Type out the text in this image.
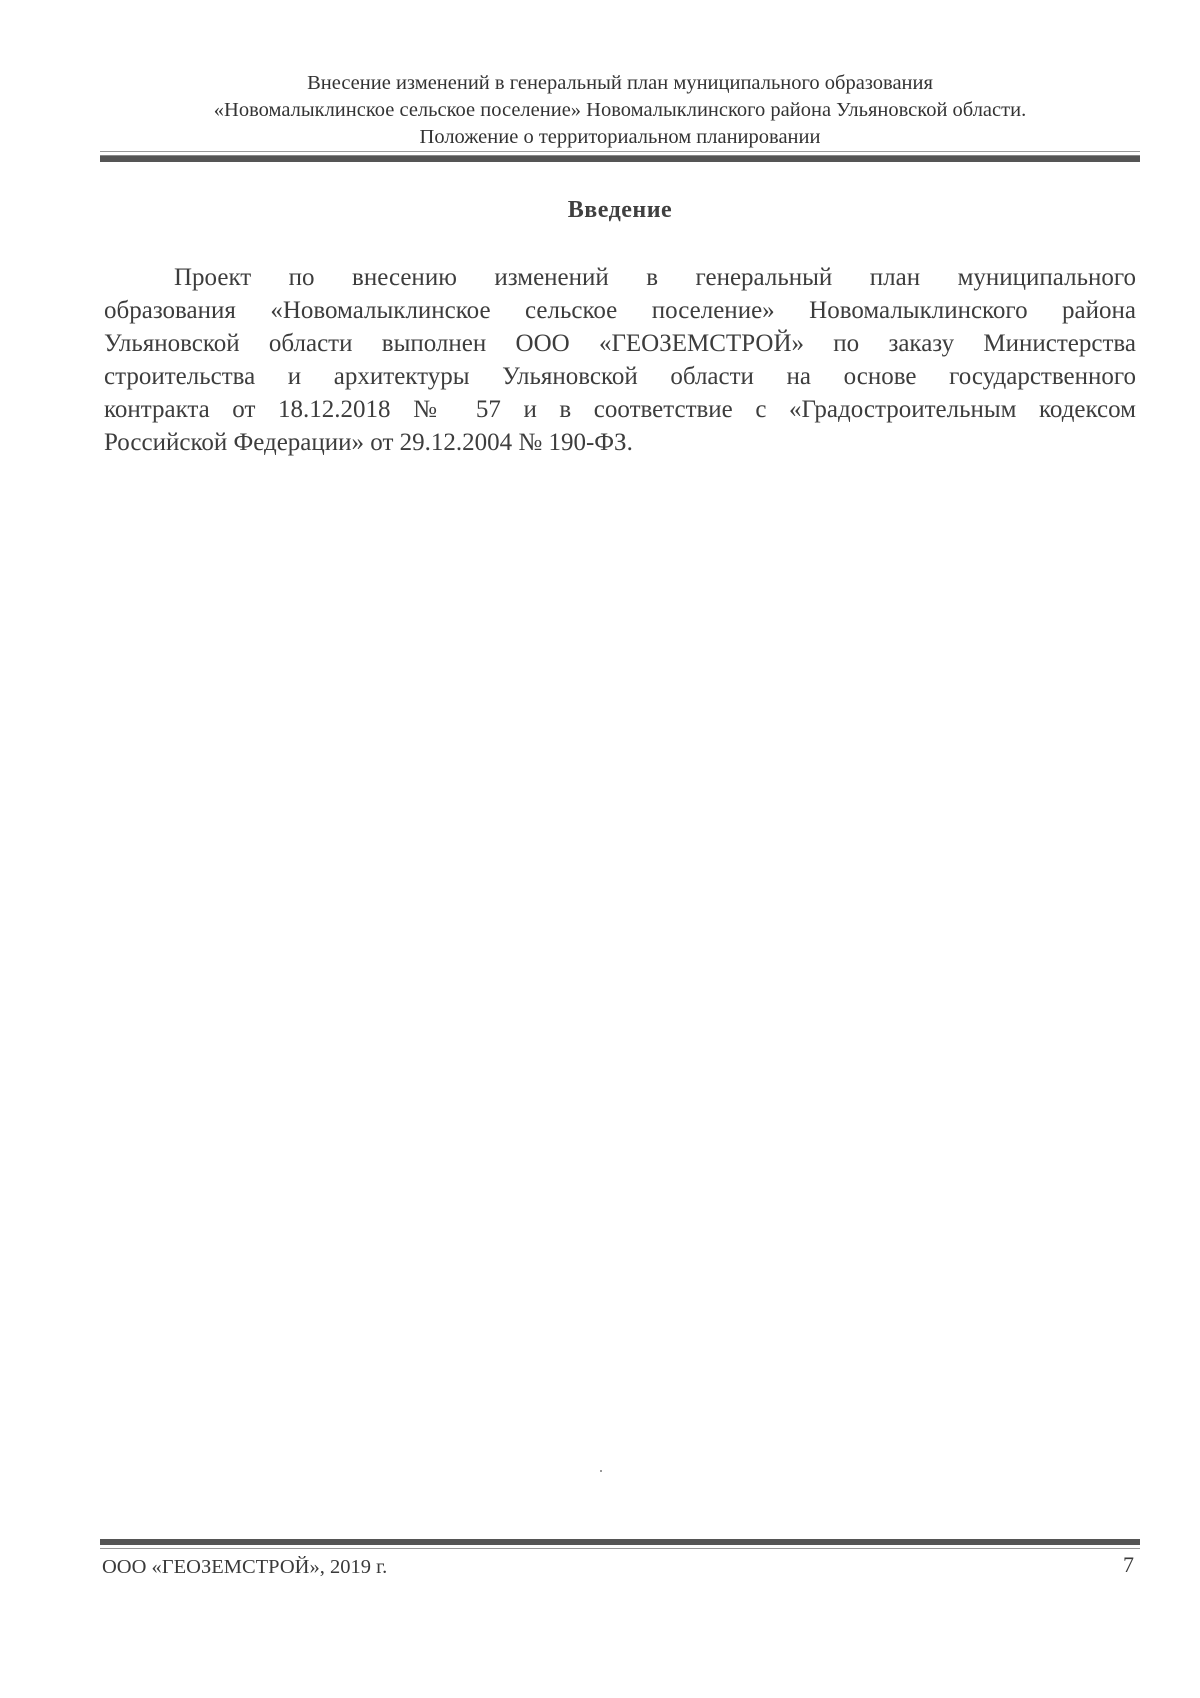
Внесение изменений в генеральный план муниципального образования
«Новомалыклинское сельское поселение» Новомалыклинского района Ульяновской области.
Положение о территориальном планировании
Введение
Проект по внесению изменений в генеральный план муниципального
образования «Новомалыклинское сельское поселение» Новомалыклинского района
Ульяновской области выполнен ООО «ГЕОЗЕМСТРОЙ» по заказу Министерства
строительства и архитектуры Ульяновской области на основе государственного
контракта от 18.12.2018 № 57 и в соответствие с «Градостроительным кодексом
Российской Федерации» от 29.12.2004 № 190-ФЗ.
ООО «ГЕОЗЕМСТРОЙ», 2019 г.	7
